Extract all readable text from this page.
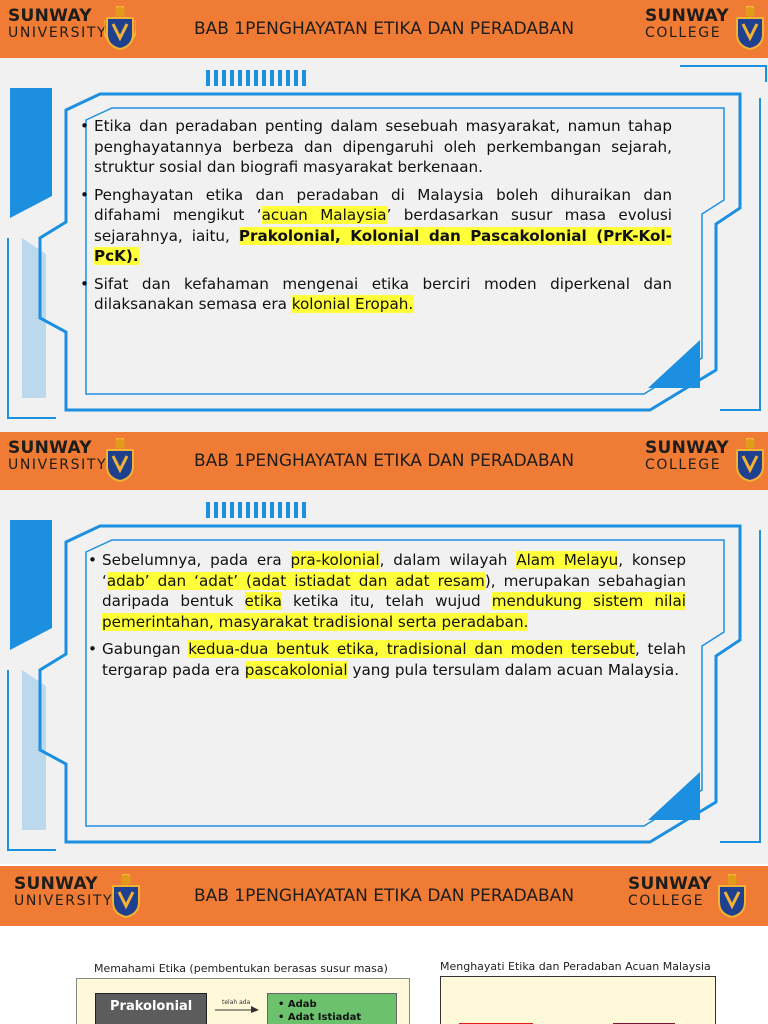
SUNWAY
UNIVERSITY	BAB 1PENGHAYATAN ETIKA DAN PERADABAN
SUNWAY
COLLEGE
• Etika dan peradaban penting dalam sesebuah masyarakat, namun tahap penghayatannya berbeza dan dipengaruhi oleh perkembangan sejarah, struktur sosial dan biografi masyarakat berkenaan.
• Penghayatan etika dan peradaban di Malaysia boleh dihuraikan dan difahami mengikut ‘acuan Malaysia’ berdasarkan susur masa evolusi sejarahnya, iaitu, Prakolonial, Kolonial dan Pascakolonial (PrK-Kol-PcK).
• Sifat dan kefahaman mengenai etika berciri moden diperkenal dan dilaksanakan semasa era kolonial Eropah.
SUNWAY
UNIVERSITY	BAB 1PENGHAYATAN ETIKA DAN PERADABAN
SUNWAY
COLLEGE
• Sebelumnya, pada era pra-kolonial, dalam wilayah Alam Melayu, konsep ‘adab’ dan ‘adat’ (adat istiadat dan adat resam), merupakan sebahagian daripada bentuk etika ketika itu, telah wujud mendukung sistem nilai pemerintahan, masyarakat tradisional serta peradaban.
• Gabungan kedua-dua bentuk etika, tradisional dan moden tersebut, telah tergarap pada era pascakolonial yang pula tersulam dalam acuan Malaysia.
SUNWAY
UNIVERSITY	BAB 1PENGHAYATAN ETIKA DAN PERADABAN
SUNWAY
COLLEGE
Memahami Etika (pembentukan berasas susur masa)	Menghayati Etika dan Peradaban Acuan Malaysia
Prakolonial	telah ada	• Adab
• Adat Istiadat
